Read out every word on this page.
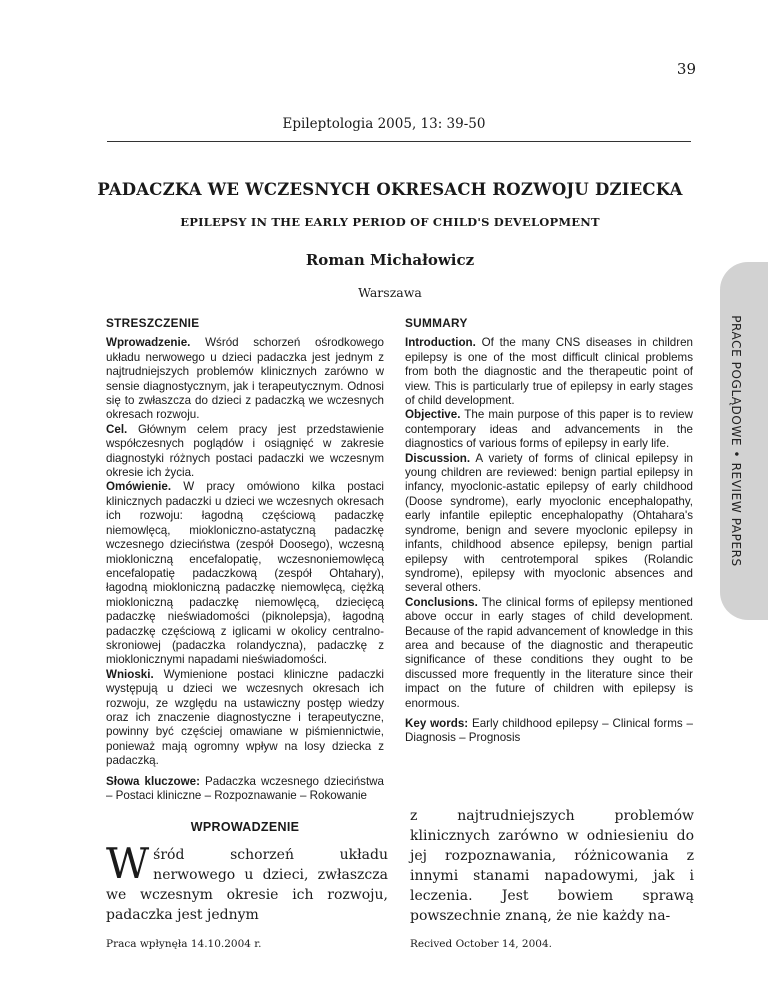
39
Epileptologia 2005, 13: 39-50
PADACZKA WE WCZESNYCH OKRESACH ROZWOJU DZIECKA
EPILEPSY IN THE EARLY PERIOD OF CHILD'S DEVELOPMENT
Roman Michałowicz
Warszawa
PRACE POGLĄDOWE • REVIEW PAPERS
STRESZCZENIE

Wprowadzenie. Wśród schorzeń ośrodkowego układu nerwowego u dzieci padaczka jest jednym z najtrudniejszych problemów klinicznych zarówno w sensie diagnostycznym, jak i terapeutycznym. Odnosi się to zwłaszcza do dzieci z padaczką we wczesnych okresach rozwoju.

Cel. Głównym celem pracy jest przedstawienie współczesnych poglądów i osiągnięć w zakresie diagnostyki różnych postaci padaczki we wczesnym okresie ich życia.

Omówienie. W pracy omówiono kilka postaci klinicznych padaczki u dzieci we wczesnych okresach ich rozwoju: łagodną częściową padaczkę niemowlęcą, miokloniczno-astatyczną padaczkę wczesnego dzieciństwa (zespół Doosego), wczesną miokloniczną encefalopatię, wczesnoniemowlęcą encefalopatię padaczkową (zespół Ohtahary), łagodną miokloniczną padaczkę niemowlęcą, ciężką miokloniczną padaczkę niemowlęcą, dziecięcą padaczkę nieświadomości (piknolepsja), łagodną padaczkę częściową z iglicami w okolicy centralno-skroniowej (padaczka rolandyczna), padaczkę z mioklonicznymi napadami nieświadomości.

Wnioski. Wymienione postaci kliniczne padaczki występują u dzieci we wczesnych okresach ich rozwoju, ze względu na ustawiczny postęp wiedzy oraz ich znaczenie diagnostyczne i terapeutyczne, powinny być częściej omawiane w piśmiennictwie, ponieważ mają ogromny wpływ na losy dziecka z padaczką.

Słowa kluczowe: Padaczka wczesnego dzieciństwa – Postaci kliniczne – Rozpoznawanie – Rokowanie

SUMMARY

Introduction. Of the many CNS diseases in children epilepsy is one of the most difficult clinical problems from both the diagnostic and the therapeutic point of view. This is particularly true of epilepsy in early stages of child development.

Objective. The main purpose of this paper is to review contemporary ideas and advancements in the diagnostics of various forms of epilepsy in early life.

Discussion. A variety of forms of clinical epilepsy in young children are reviewed: benign partial epilepsy in infancy, myoclonic-astatic epilepsy of early childhood (Doose syndrome), early myoclonic encephalopathy, early infantile epileptic encephalopathy (Ohtahara's syndrome, benign and severe myoclonic epilepsy in infants, childhood absence epilepsy, benign partial epilepsy with centrotemporal spikes (Rolandic syndrome), epilepsy with myoclonic absences and several others.

Conclusions. The clinical forms of epilepsy mentioned above occur in early stages of child development. Because of the rapid advancement of knowledge in this area and because of the diagnostic and therapeutic significance of these conditions they ought to be discussed more frequently in the literature since their impact on the future of children with epilepsy is enormous.

Key words: Early childhood epilepsy – Clinical forms – Diagnosis – Prognosis

WPROWADZENIE
Wśród schorzeń układu nerwowego u dzieci, zwłaszcza we wczesnym okresie ich rozwoju, padaczka jest jednym
z najtrudniejszych problemów klinicznych zarówno w odniesieniu do jej rozpoznawania, różnicowania z innymi stanami napadowymi, jak i leczenia. Jest bowiem sprawą powszechnie znaną, że nie każdy na-
Praca wpłynęła 14.10.2004 r.	Recived October 14, 2004.
